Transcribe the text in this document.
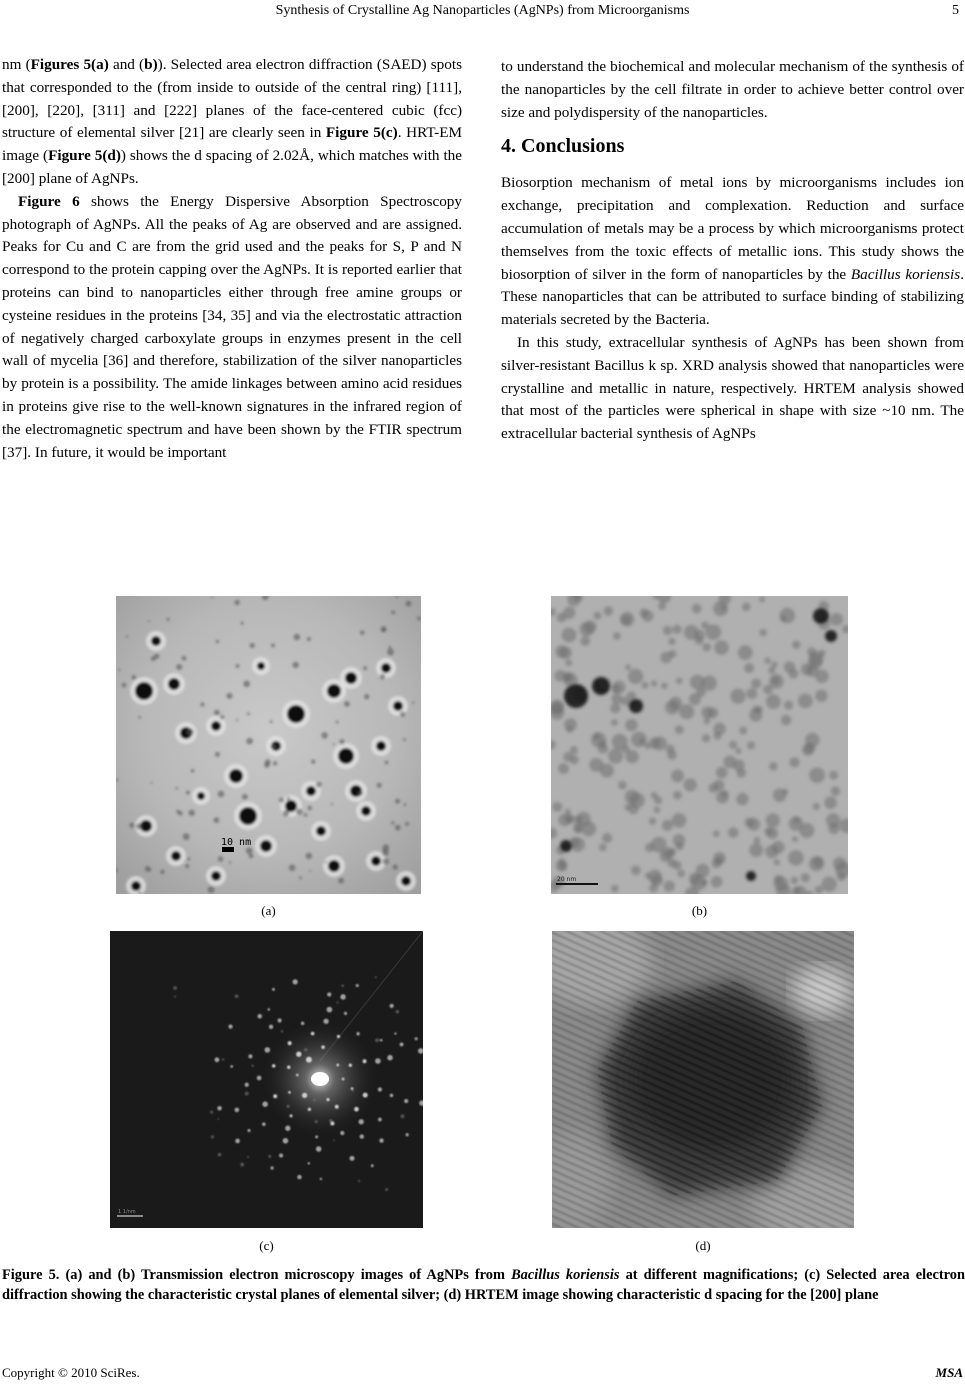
Synthesis of Crystalline Ag Nanoparticles (AgNPs) from Microorganisms	5

nm (Figures 5(a) and (b)). Selected area electron diffraction (SAED) spots that corresponded to the (from inside to outside of the central ring) [111], [200], [220], [311] and [222] planes of the face-centered cubic (fcc) structure of elemental silver [21] are clearly seen in Figure 5(c). HRT-EM image (Figure 5(d)) shows the d spacing of 2.02Å, which matches with the [200] plane of AgNPs.

Figure 6 shows the Energy Dispersive Absorption Spectroscopy photograph of AgNPs. All the peaks of Ag are observed and are assigned. Peaks for Cu and C are from the grid used and the peaks for S, P and N correspond to the protein capping over the AgNPs. It is reported earlier that proteins can bind to nanoparticles either through free amine groups or cysteine residues in the proteins [34, 35] and via the electrostatic attraction of negatively charged carboxylate groups in enzymes present in the cell wall of mycelia [36] and therefore, stabilization of the silver nanoparticles by protein is a possibility. The amide linkages between amino acid residues in proteins give rise to the well-known signatures in the infrared region of the electromagnetic spectrum and have been shown by the FTIR spectrum [37]. In future, it would be important

to understand the biochemical and molecular mechanism of the synthesis of the nanoparticles by the cell filtrate in order to achieve better control over size and polydispersity of the nanoparticles.

4. Conclusions

Biosorption mechanism of metal ions by microorganisms includes ion exchange, precipitation and complexation. Reduction and surface accumulation of metals may be a process by which microorganisms protect themselves from the toxic effects of metallic ions. This study shows the biosorption of silver in the form of nanoparticles by the Bacillus koriensis. These nanoparticles that can be attributed to surface binding of stabilizing materials secreted by the Bacteria.

In this study, extracellular synthesis of AgNPs has been shown from silver-resistant Bacillus k sp. XRD analysis showed that nanoparticles were crystalline and metallic in nature, respectively. HRTEM analysis showed that most of the particles were spherical in shape with size ~10 nm. The extracellular bacterial synthesis of AgNPs

10 nm
(a)
20 nm
(b)
1 1/nm
(c)	(d)
Figure 5. (a) and (b) Transmission electron microscopy images of AgNPs from Bacillus koriensis at different magnifications; (c) Selected area electron diffraction showing the characteristic crystal planes of elemental silver; (d) HRTEM image showing characteristic d spacing for the [200] plane
Copyright © 2010 SciRes.	MSA
